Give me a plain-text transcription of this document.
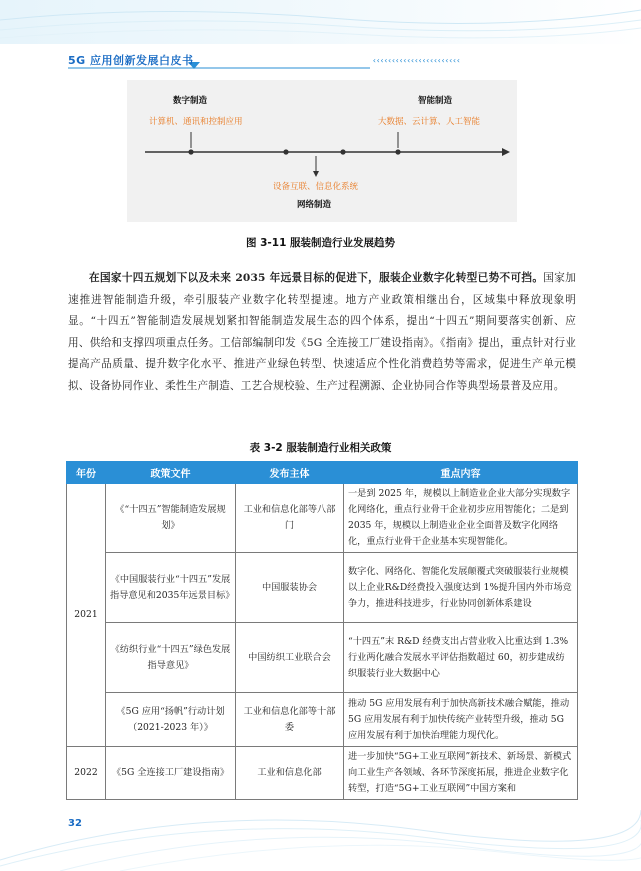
5G 应用创新发展白皮书	‹‹‹‹‹‹‹‹‹‹‹‹‹‹‹‹‹‹‹‹‹‹‹
数字制造
计算机、通讯和控制应用
智能制造
大数据、云计算、人工智能
设备互联、信息化系统
网络制造
图 3-11 服装制造行业发展趋势
在国家十四五规划下以及未来 2035 年远景目标的促进下，服装企业数字化转型已势不可挡。国家加速推进智能制造升级，牵引服装产业数字化转型提速。地方产业政策相继出台，区域集中释放现象明显。“十四五”智能制造发展规划紧扣智能制造发展生态的四个体系，提出“十四五”期间要落实创新、应用、供给和支撑四项重点任务。工信部编制印发《5G 全连接工厂建设指南》。《指南》提出，重点针对行业提高产品质量、提升数字化水平、推进产业绿色转型、快速适应个性化消费趋势等需求，促进生产单元模拟、设备协同作业、柔性生产制造、工艺合规校验、生产过程溯源、企业协同合作等典型场景普及应用。
表 3-2 服装制造行业相关政策
年份	政策文件	发布主体	重点内容
2021	《“十四五”智能制造发展规划》	工业和信息化部等八部门	一是到 2025 年，规模以上制造业企业大部分实现数字化网络化，重点行业骨干企业初步应用智能化；二是到 2035 年，规模以上制造业企业全面普及数字化网络化，重点行业骨干企业基本实现智能化。
	《中国服装行业“十四五”发展指导意见和2035年远景目标》	中国服装协会	数字化、网络化、智能化发展颠覆式突破服装行业规模以上企业R&D经费投入强度达到 1%提升国内外市场竞争力，推进科技进步，行业协同创新体系建设
	《纺织行业“十四五”绿色发展指导意见》	中国纺织工业联合会	“十四五”末 R&D 经费支出占营业收入比重达到 1.3%行业两化融合发展水平评估指数超过 60，初步建成纺织服装行业大数据中心
	《5G 应用“扬帆”行动计划（2021-2023 年）》	工业和信息化部等十部委	推动 5G 应用发展有利于加快高新技术融合赋能，推动 5G 应用发展有利于加快传统产业转型升级，推动 5G 应用发展有利于加快治理能力现代化。
2022	《5G 全连接工厂建设指南》	工业和信息化部	进一步加快“5G+工业互联网”新技术、新场景、新模式向工业生产各领域、各环节深度拓展，推进企业数字化转型，打造“5G+工业互联网”中国方案和
32
